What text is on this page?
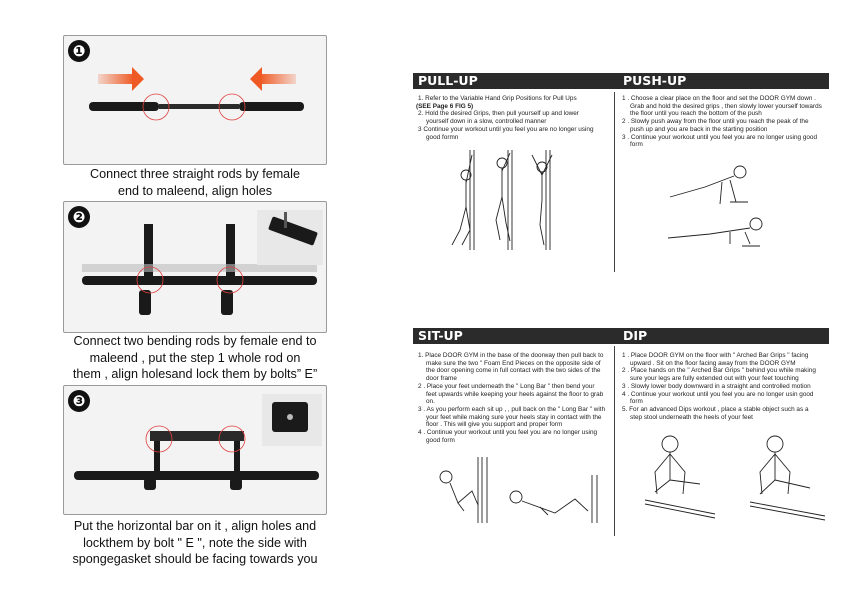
❶
Connect three straight rods by female
end to maleend, align holes
❷
Connect two bending rods by female end to
maleend , put the step 1 whole rod on
them , align holesand lock them by bolts” E”
❸
Put the horizontal bar on it , align holes and
lockthem by bolt " E ", note the side with
spongegasket should be facing towards you
PULL-UP	PUSH-UP
1. Refer to the Variable Hand Grip Positions for Pull Ups
(SEE Page 6 FIG 5)
2. Hold the desired Grips, then pull yourself up and lower yourself down in a slow, controlled manner
3 Continue your workout until you feel you are no longer using good formn
1 . Choose a clear place on the floor and set the DOOR GYM down . Grab and hold the desired grips , then slowly lower yourself towards the floor until you reach the bottom of the push
2 . Slowly push away from the floor until you reach the peak of the push up and you are back in the starting position
3 . Continue your workout until you feel you are no longer using good form
SIT-UP	DIP
1. Place DOOR GYM in the base of the doorway then pull back to make sure the two " Foam End Pieces on the opposite side of the door opening come in full contact with the two sides of the door frame
2 . Place your feet underneath the " Long Bar " then bend your feet upwards while keeping your heels against the floor to grab on.
3 . As you perform each sit up , , pull back on the " Long Bar " with your feet while making sure your heels stay in contact with the floor . This will give you support and proper form
4 . Continue your workout until you feel you are no longer using good form
1 . Place DOOR GYM on the floor with " Arched Bar Grips " facing upward . Sit on the floor facing away from the DOOR GYM
2 . Place hands on the " Arched Bar Grips " behind you while making sure your legs are fully extended out with your feet touching
3 . Slowly lower body downward in a straight and controlled motion
4 . Continue your workout until you feel you are no longer usin good form
5. For an advanced Dips workout , place a stable object such as a step stool underneath the heels of your feet
